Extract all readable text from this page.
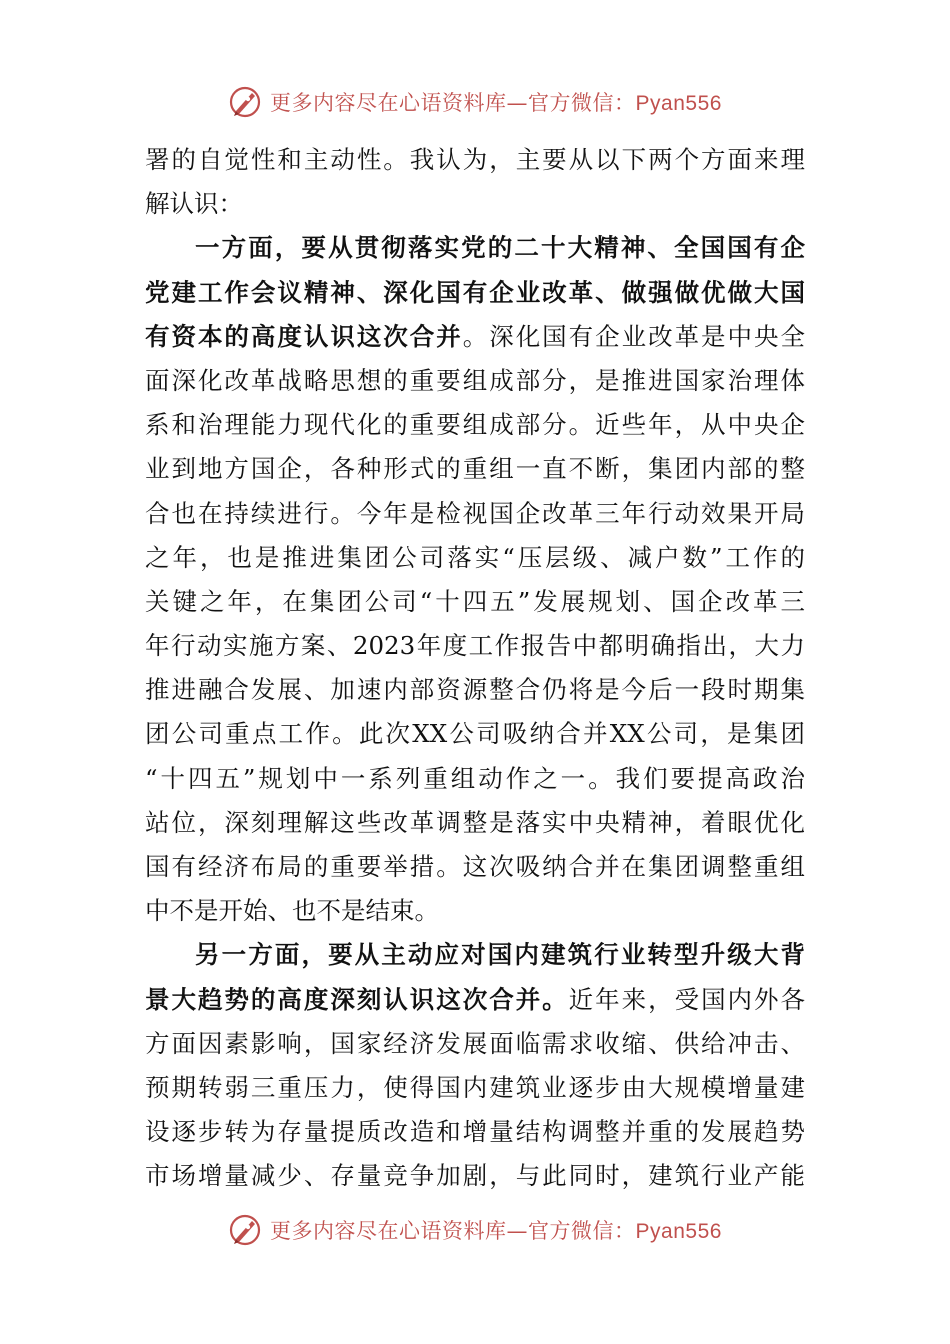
更多内容尽在心语资料库—官方微信：Pyan556
署的自觉性和主动性。我认为，主要从以下两个方面来理
解认识：
一方面，要从贯彻落实党的二十大精神、全国国有企
党建工作会议精神、深化国有企业改革、做强做优做大国
有资本的高度认识这次合并。深化国有企业改革是中央全
面深化改革战略思想的重要组成部分，是推进国家治理体
系和治理能力现代化的重要组成部分。近些年，从中央企
业到地方国企，各种形式的重组一直不断，集团内部的整
合也在持续进行。今年是检视国企改革三年行动效果开局
之年，也是推进集团公司落实“压层级、减户数”工作的
关键之年，在集团公司“十四五”发展规划、国企改革三
年行动实施方案、2023年度工作报告中都明确指出，大力
推进融合发展、加速内部资源整合仍将是今后一段时期集
团公司重点工作。此次XX公司吸纳合并XX公司，是集团
“十四五”规划中一系列重组动作之一。我们要提高政治
站位，深刻理解这些改革调整是落实中央精神，着眼优化
国有经济布局的重要举措。这次吸纳合并在集团调整重组
中不是开始、也不是结束。
另一方面，要从主动应对国内建筑行业转型升级大背
景大趋势的高度深刻认识这次合并。近年来，受国内外各
方面因素影响，国家经济发展面临需求收缩、供给冲击、
预期转弱三重压力，使得国内建筑业逐步由大规模增量建
设逐步转为存量提质改造和增量结构调整并重的发展趋势
市场增量减少、存量竞争加剧，与此同时，建筑行业产能
更多内容尽在心语资料库—官方微信：Pyan556
